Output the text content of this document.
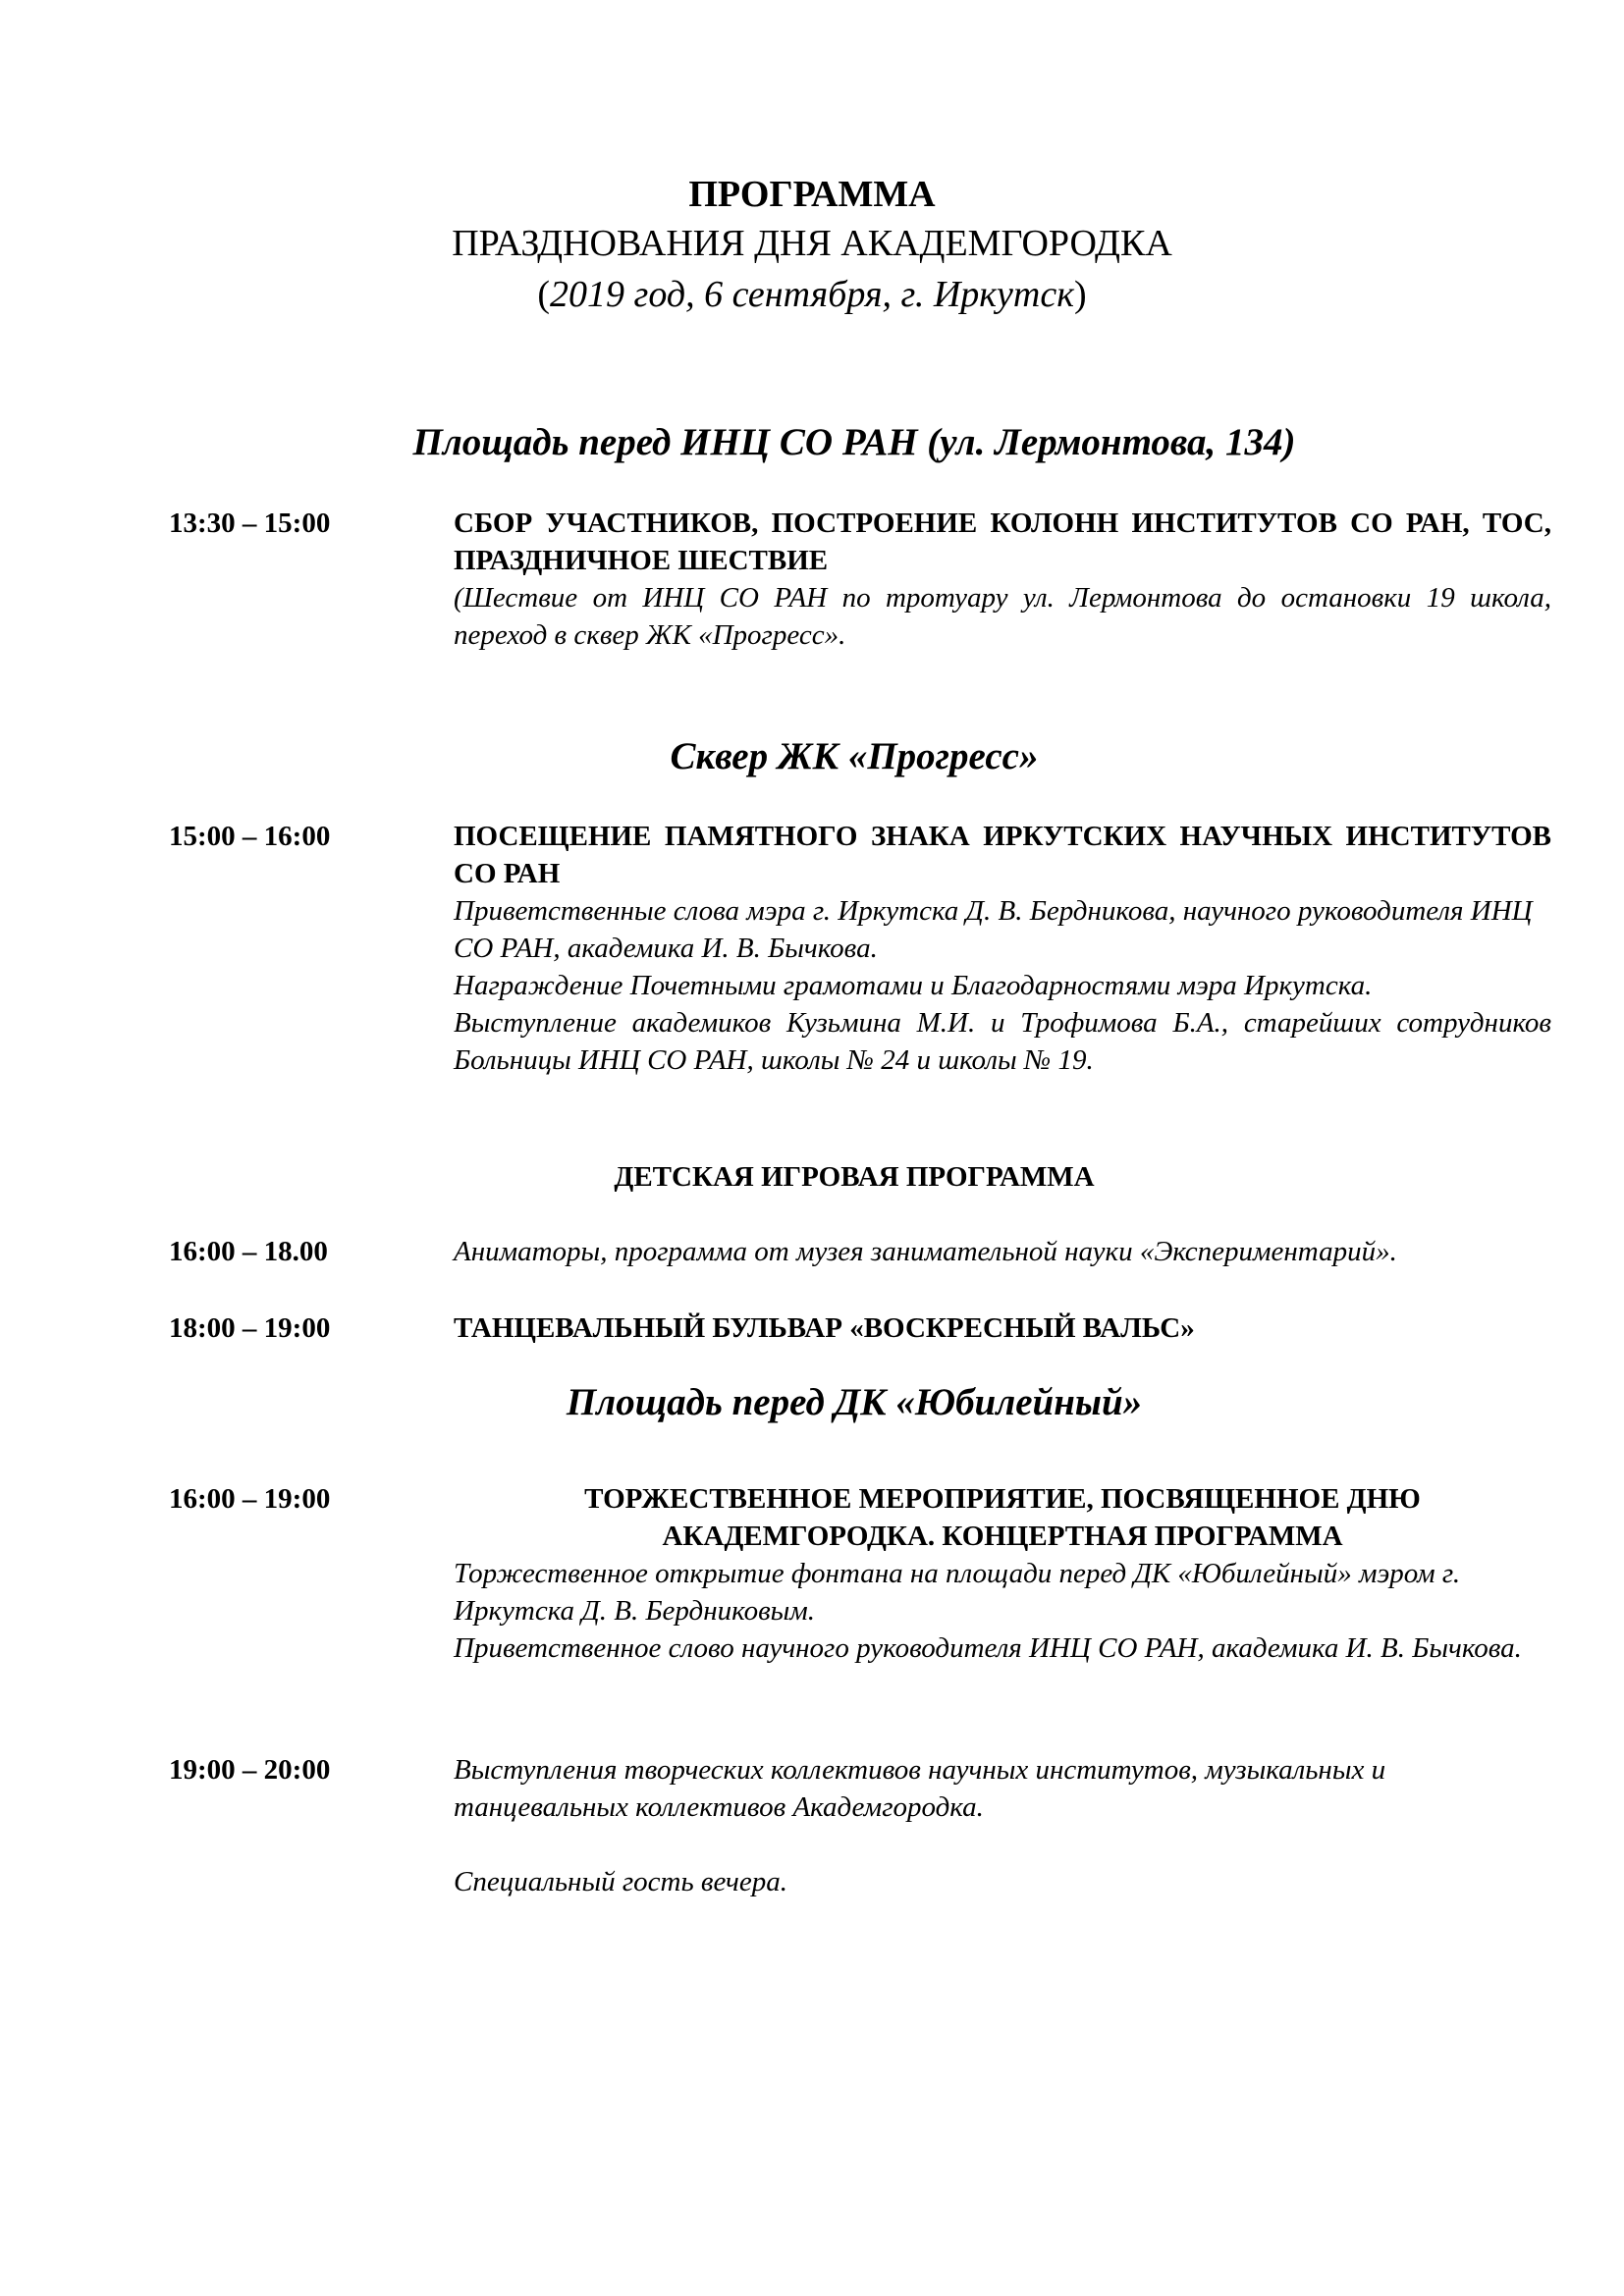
ПРОГРАММА
ПРАЗДНОВАНИЯ ДНЯ АКАДЕМГОРОДКА
(2019 год, 6 сентября, г. Иркутск)
Площадь перед ИНЦ СО РАН (ул. Лермонтова, 134)
13:30 – 15:00	СБОР УЧАСТНИКОВ, ПОСТРОЕНИЕ КОЛОНН ИНСТИТУТОВ СО РАН, ТОС, ПРАЗДНИЧНОЕ ШЕСТВИЕ
(Шествие от ИНЦ СО РАН по тротуару ул. Лермонтова до остановки 19 школа, переход в сквер ЖК «Прогресс».
Сквер ЖК «Прогресс»
15:00 – 16:00	ПОСЕЩЕНИЕ ПАМЯТНОГО ЗНАКА ИРКУТСКИХ НАУЧНЫХ ИНСТИТУТОВ СО РАН
Приветственные слова мэра г. Иркутска Д. В. Бердникова, научного руководителя ИНЦ СО РАН, академика И. В. Бычкова.
Награждение Почетными грамотами и Благодарностями мэра Иркутска.
Выступление академиков Кузьмина М.И. и Трофимова Б.А., старейших сотрудников Больницы ИНЦ СО РАН, школы № 24 и школы № 19.
ДЕТСКАЯ ИГРОВАЯ ПРОГРАММА
16:00 – 18.00	Аниматоры, программа от музея занимательной науки «Экспериментарий».
18:00 – 19:00	ТАНЦЕВАЛЬНЫЙ БУЛЬВАР «ВОСКРЕСНЫЙ ВАЛЬС»
Площадь перед ДК «Юбилейный»
16:00 – 19:00	ТОРЖЕСТВЕННОЕ МЕРОПРИЯТИЕ, ПОСВЯЩЕННОЕ ДНЮ
АКАДЕМГОРОДКА. КОНЦЕРТНАЯ ПРОГРАММА
Торжественное открытие фонтана на площади перед ДК «Юбилейный» мэром г. Иркутска Д. В. Бердниковым.
Приветственное слово научного руководителя ИНЦ СО РАН, академика И. В. Бычкова.
19:00 – 20:00	Выступления творческих коллективов научных институтов, музыкальных и танцевальных коллективов Академгородка.
Специальный гость вечера.
